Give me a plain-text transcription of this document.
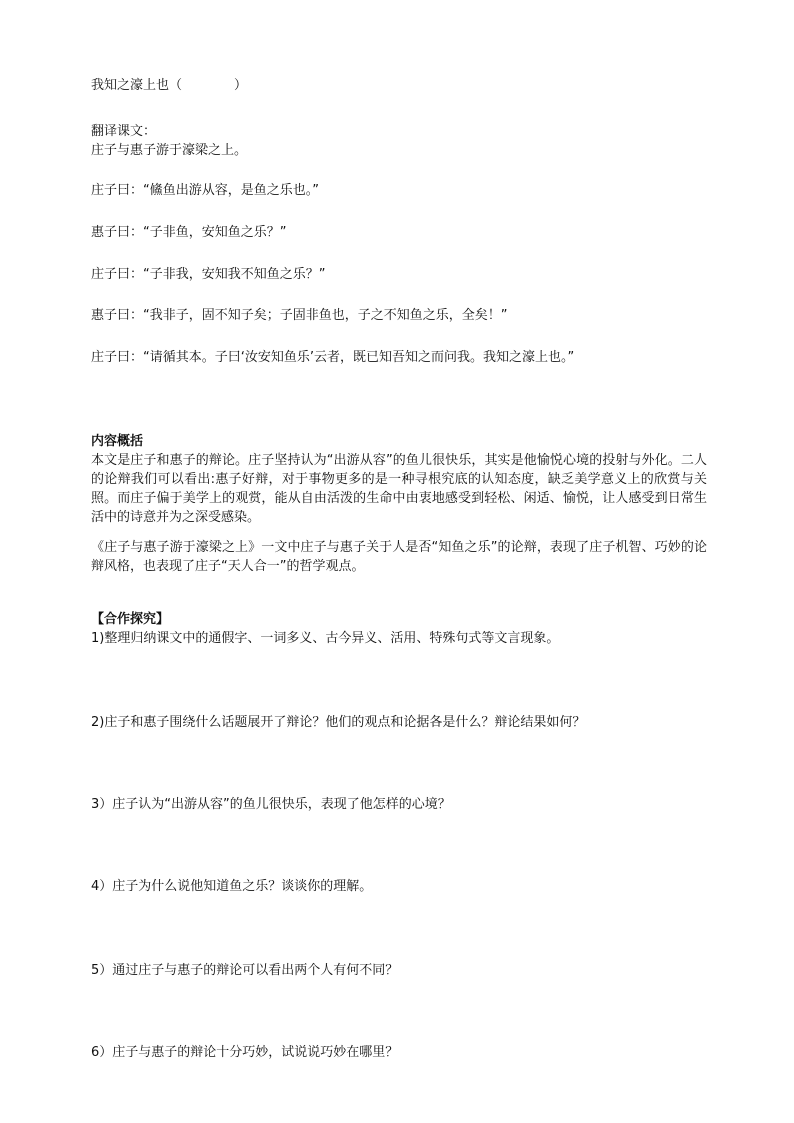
我知之濠上也（　　　　）
翻译课文：
庄子与惠子游于濠梁之上。
庄子曰：“鯈鱼出游从容，是鱼之乐也。”
惠子曰：“子非鱼，安知鱼之乐？”
庄子曰：“子非我，安知我不知鱼之乐？”
惠子曰：“我非子，固不知子矣；子固非鱼也，子之不知鱼之乐，全矣！”
庄子曰：“请循其本。子曰‘汝安知鱼乐’云者，既已知吾知之而问我。我知之濠上也。”
内容概括
本文是庄子和惠子的辩论。庄子坚持认为“出游从容”的鱼儿很快乐，其实是他愉悦心境的投射与外化。二人的论辩我们可以看出:惠子好辩，对于事物更多的是一种寻根究底的认知态度，缺乏美学意义上的欣赏与关照。而庄子偏于美学上的观赏，能从自由活泼的生命中由衷地感受到轻松、闲适、愉悦，让人感受到日常生活中的诗意并为之深受感染。
《庄子与惠子游于濠梁之上》一文中庄子与惠子关于人是否“知鱼之乐”的论辩，表现了庄子机智、巧妙的论辩风格，也表现了庄子“天人合一”的哲学观点。
【合作探究】
1)整理归纳课文中的通假字、一词多义、古今异义、活用、特殊句式等文言现象。
2)庄子和惠子围绕什么话题展开了辩论？他们的观点和论据各是什么？辩论结果如何？
3）庄子认为“出游从容”的鱼儿很快乐，表现了他怎样的心境？
4）庄子为什么说他知道鱼之乐？谈谈你的理解。
5）通过庄子与惠子的辩论可以看出两个人有何不同？
6）庄子与惠子的辩论十分巧妙，试说说巧妙在哪里？
